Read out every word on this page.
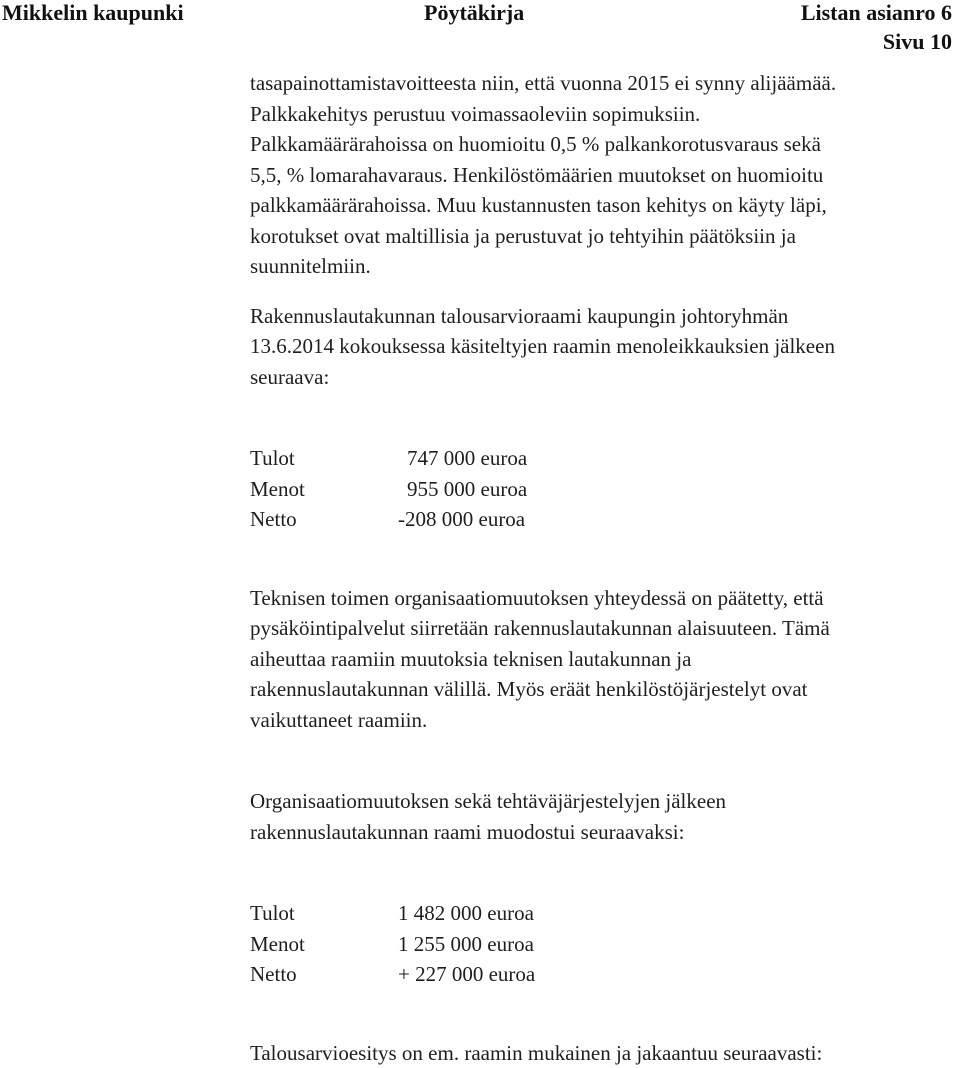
Mikkelin kaupunki	Pöytäkirja	Listan asianro 6
Sivu 10

tasapainottamistavoitteesta niin, että vuonna 2015 ei synny alijäämää.
Palkkakehitys perustuu voimassaoleviin sopimuksiin.
Palkkamäärärahoissa on huomioitu 0,5 % palkankorotusvaraus sekä
5,5, % lomarahavaraus. Henkilöstömäärien muutokset on huomioitu
palkkamäärärahoissa. Muu kustannusten tason kehitys on käyty läpi,
korotukset ovat maltillisia ja perustuvat jo tehtyihin päätöksiin ja
suunnitelmiin.

Rakennuslautakunnan talousarvioraami kaupungin johtoryhmän
13.6.2014 kokouksessa käsiteltyjen raamin menoleikkauksien jälkeen
seuraava:

Tulot	747 000 euroa
Menot	955 000 euroa
Netto	-208 000 euroa

Teknisen toimen organisaatiomuutoksen yhteydessä on päätetty, että
pysäköintipalvelut siirretään rakennuslautakunnan alaisuuteen. Tämä
aiheuttaa raamiin muutoksia teknisen lautakunnan ja
rakennuslautakunnan välillä. Myös eräät henkilöstöjärjestelyt ovat
vaikuttaneet raamiin.

Organisaatiomuutoksen sekä tehtäväjärjestelyjen jälkeen
rakennuslautakunnan raami muodostui seuraavaksi:

Tulot	1 482 000 euroa
Menot	1 255 000 euroa
Netto	+ 227 000 euroa

Talousarvioesitys on em. raamin mukainen ja jakaantuu seuraavasti:
